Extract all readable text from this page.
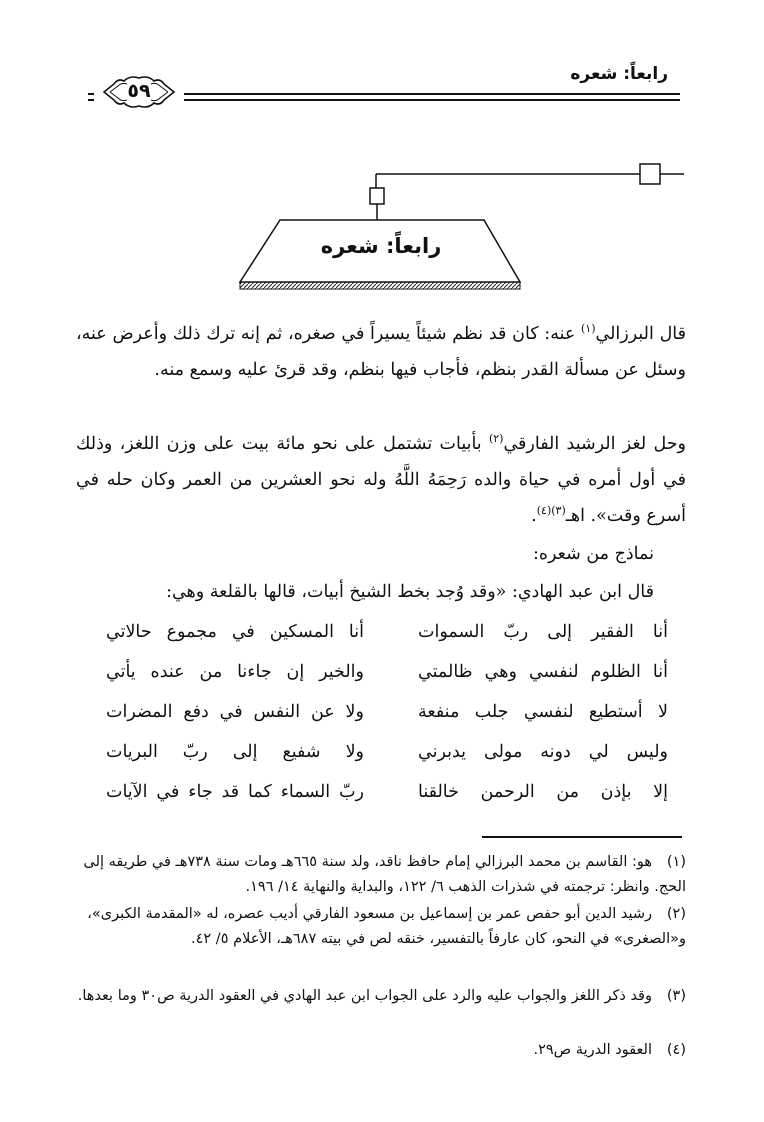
رابعاً: شعره
٥٩
رابعاً: شعره
قال البرزالي$^{(١)}$ عنه: كان قد نظم شيئاً يسيراً في صغره، ثم إنه ترك ذلك وأعرض عنه، وسئل عن مسألة القدر بنظم، فأجاب فيها بنظم، وقد قرئ عليه وسمع منه.
وحل لغز الرشيد الفارقي$^{(٢)}$ بأبيات تشتمل على نحو مائة بيت على وزن اللغز، وذلك في أول أمره في حياة والده رَحِمَهُ اللَّهُ وله نحو العشرين من العمر وكان حله في أسرع وقت». اهـ$^{(٣)(٤)}$.
نماذج من شعره:
قال ابن عبد الهادي: «وقد وُجد بخط الشيخ أبيات، قالها بالقلعة وهي:
أنا الفقير إلى ربّ السموات
أنا المسكين في مجموع حالاتي
أنا الظلوم لنفسي وهي ظالمتي
والخير إن جاءنا من عنده يأتي
لا أستطيع لنفسي جلب منفعة
ولا عن النفس في دفع المضرات
وليس لي دونه مولى يدبرني
ولا شفيع إلى ربّ البريات
إلا بإذن من الرحمن خالقنا
ربّ السماء كما قد جاء في الآيات
(١)هو: القاسم بن محمد البرزالي إمام حافظ ناقد، ولد سنة ٦٦٥هـ ومات سنة ٧٣٨هـ في طريقه إلى الحج. وانظر: ترجمته في شذرات الذهب ٦/ ١٢٢، والبداية والنهاية ١٤/ ١٩٦.
(٢)رشيد الدين أبو حفص عمر بن إسماعيل بن مسعود الفارقي أديب عصره، له «المقدمة الكبرى»، و«الصغرى» في النحو، كان عارفاً بالتفسير، خنقه لص في بيته ٦٨٧هـ، الأعلام ٥/ ٤٢.
(٣)وقد ذكر اللغز والجواب عليه والرد على الجواب ابن عبد الهادي في العقود الدرية ص٣٠ وما بعدها.
(٤)العقود الدرية ص٢٩.
